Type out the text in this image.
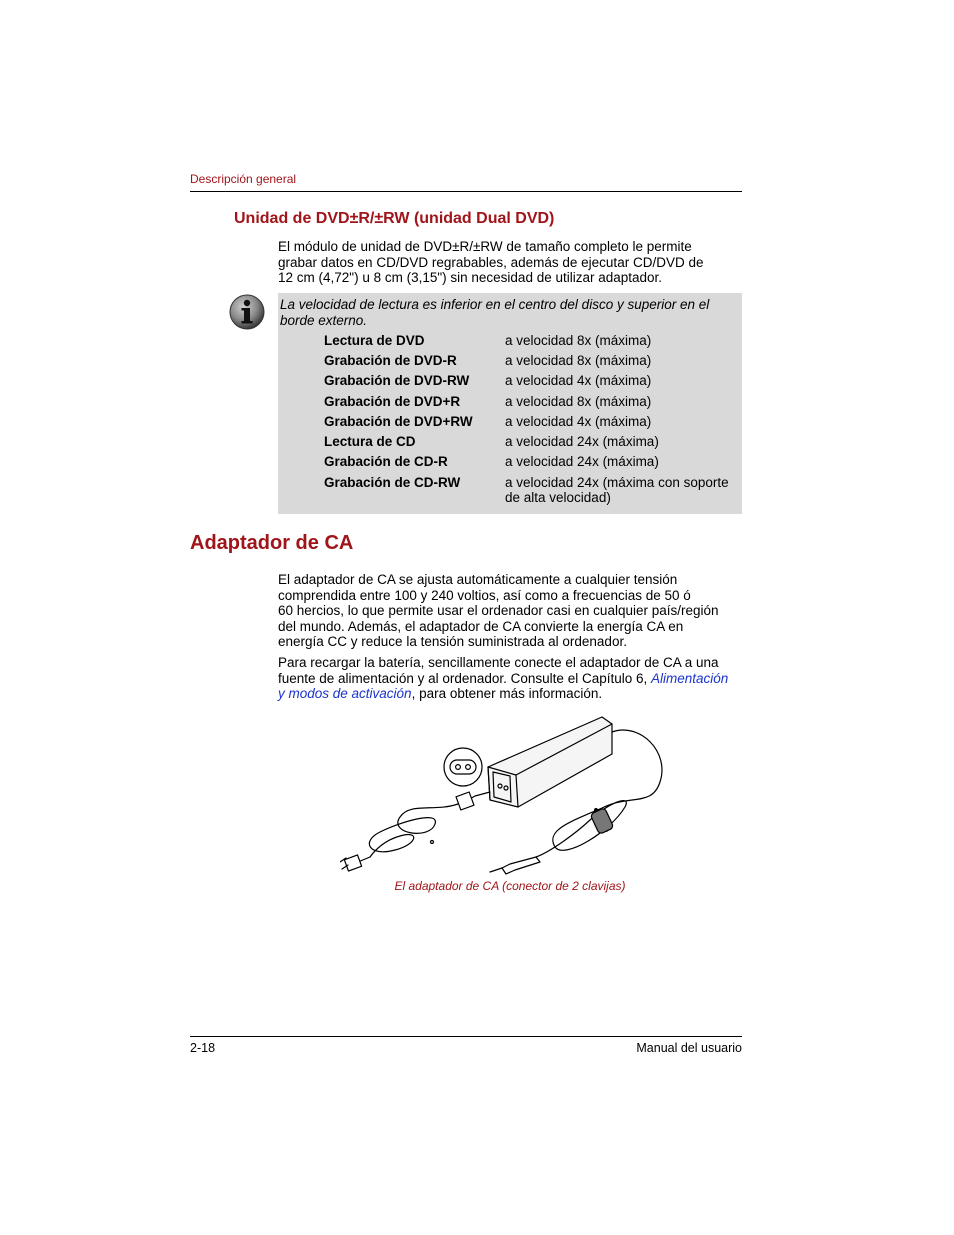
Descripción general
Unidad de DVD±R/±RW (unidad Dual DVD)
El módulo de unidad de DVD±R/±RW de tamaño completo le permite
grabar datos en CD/DVD regrabables, además de ejecutar CD/DVD de
12 cm (4,72") u 8 cm (3,15") sin necesidad de utilizar adaptador.
La velocidad de lectura es inferior en el centro del disco y superior en el
borde externo.
Lectura de DVD	a velocidad 8x (máxima)
Grabación de DVD-R	a velocidad 8x (máxima)
Grabación de DVD-RW	a velocidad 4x (máxima)
Grabación de DVD+R	a velocidad 8x (máxima)
Grabación de DVD+RW a velocidad 4x (máxima)
Lectura de CD	a velocidad 24x (máxima)
Grabación de CD-R	a velocidad 24x (máxima)
Grabación de CD-RW	a velocidad 24x (máxima con soporte
de alta velocidad)
Adaptador de CA
El adaptador de CA se ajusta automáticamente a cualquier tensión
comprendida entre 100 y 240 voltios, así como a frecuencias de 50 ó
60 hercios, lo que permite usar el ordenador casi en cualquier país/región
del mundo. Además, el adaptador de CA convierte la energía CA en
energía CC y reduce la tensión suministrada al ordenador.
Para recargar la batería, sencillamente conecte el adaptador de CA a una
fuente de alimentación y al ordenador. Consulte el Capítulo 6, Alimentación
y modos de activación, para obtener más información.
El adaptador de CA (conector de 2 clavijas)
2-18	Manual del usuario
